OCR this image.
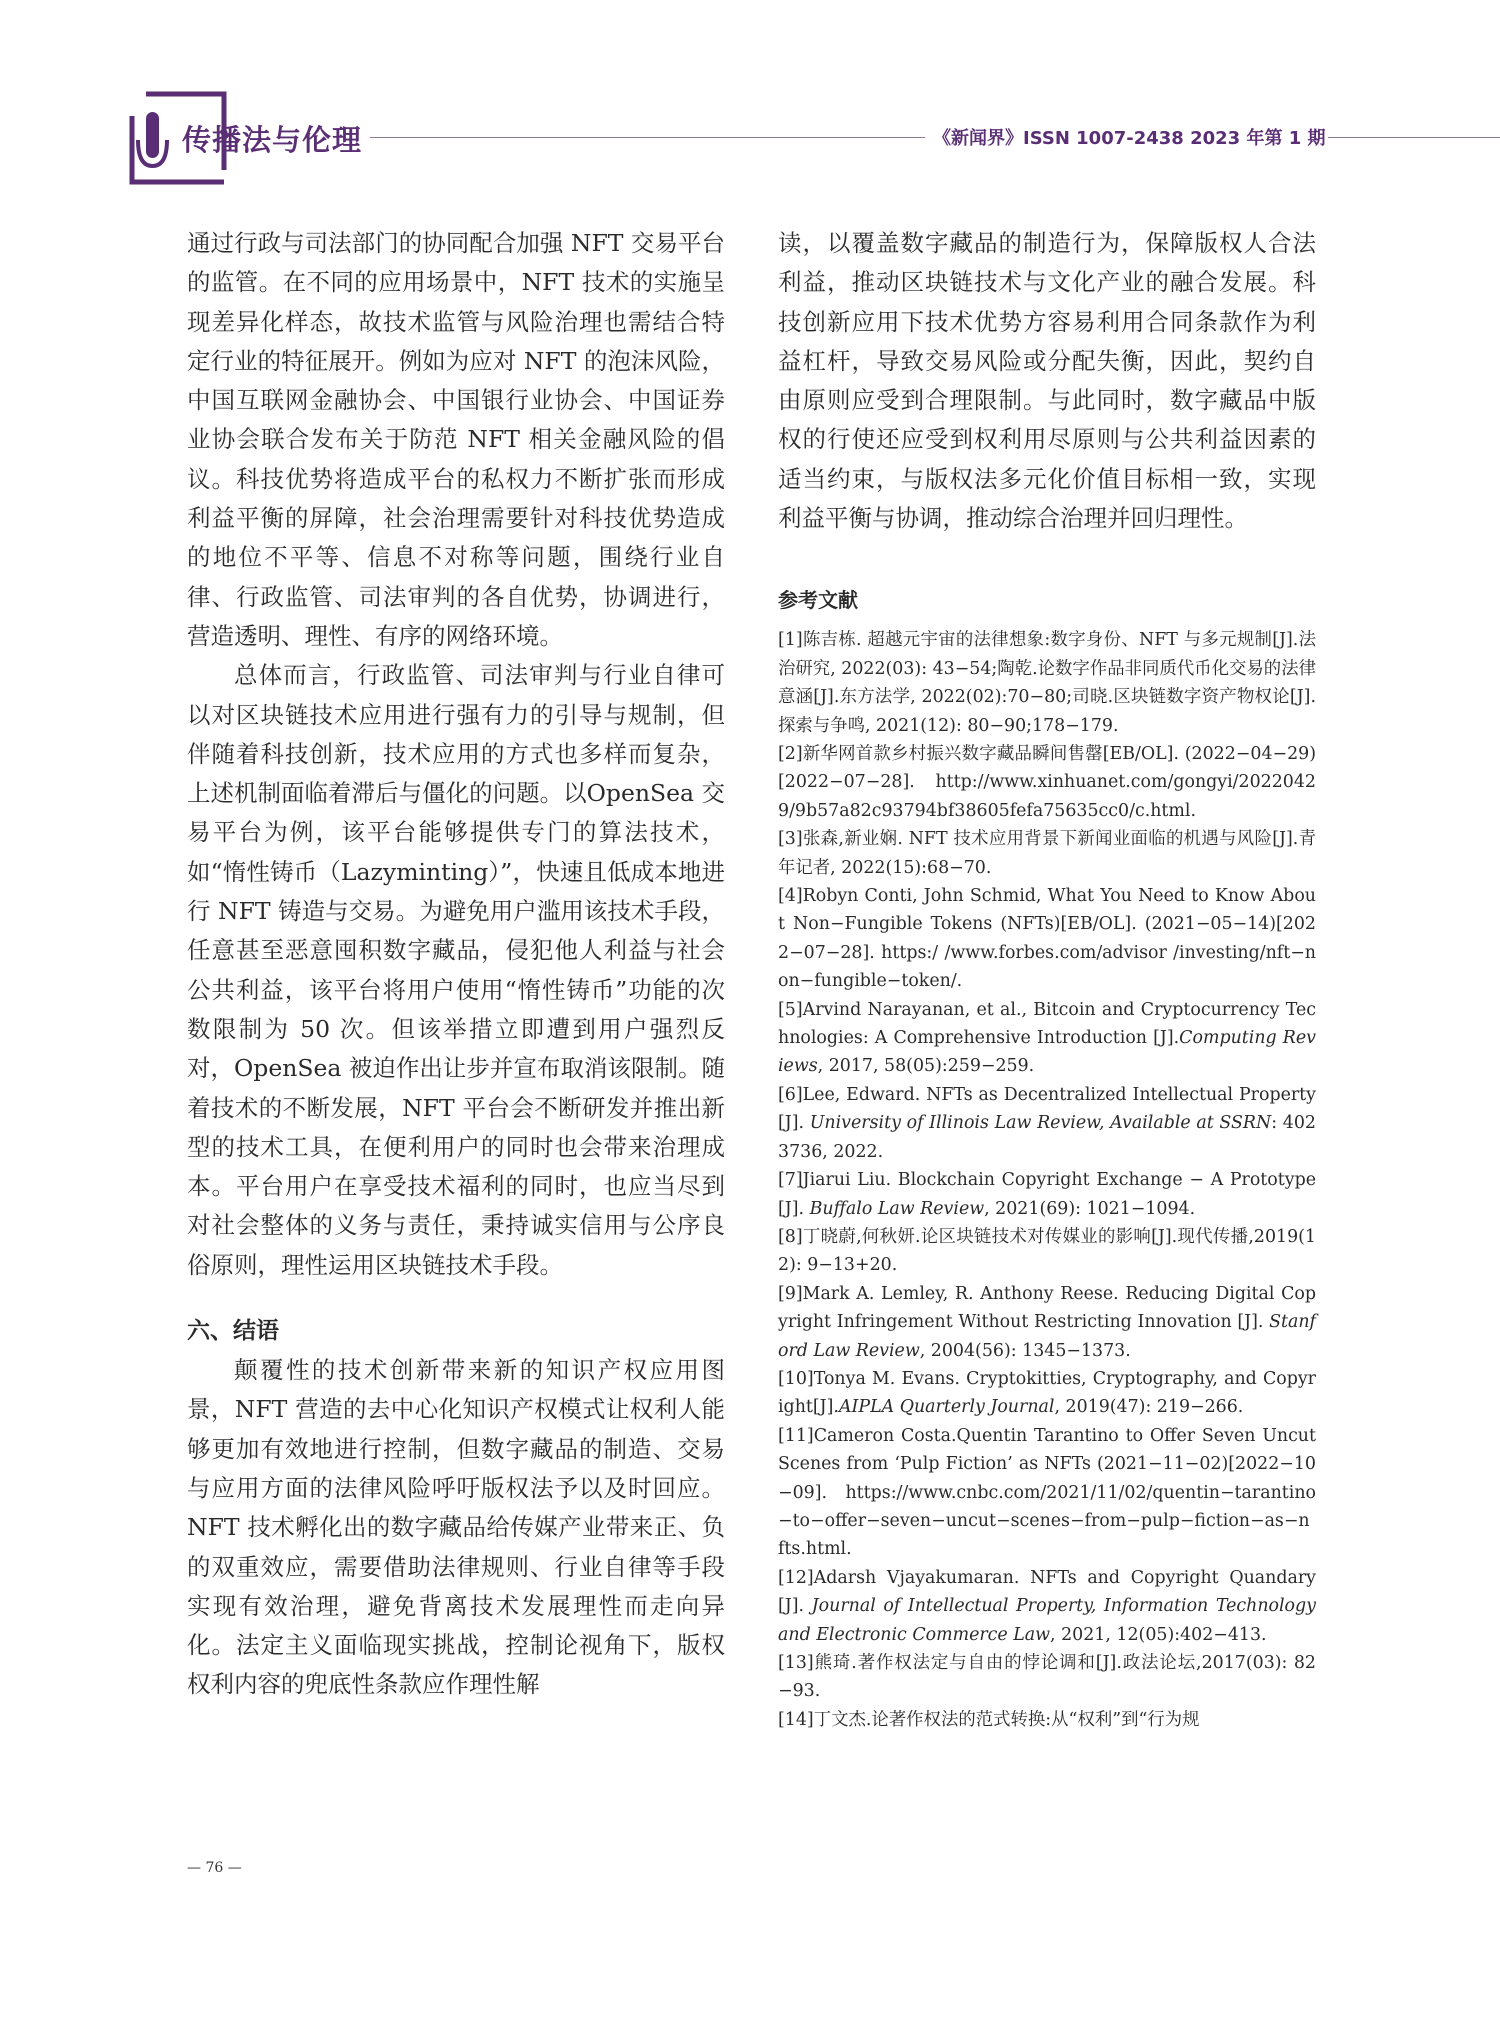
传播法与伦理	《新闻界》ISSN 1007-2438 2023 年第 1 期

通过行政与司法部门的协同配合加强 NFT 交易平台的监管。在不同的应用场景中，NFT 技术的实施呈现差异化样态，故技术监管与风险治理也需结合特定行业的特征展开。例如为应对 NFT 的泡沫风险，中国互联网金融协会、中国银行业协会、中国证券业协会联合发布关于防范 NFT 相关金融风险的倡议。科技优势将造成平台的私权力不断扩张而形成利益平衡的屏障，社会治理需要针对科技优势造成的地位不平等、信息不对称等问题，围绕行业自律、行政监管、司法审判的各自优势，协调进行，营造透明、理性、有序的网络环境。

总体而言，行政监管、司法审判与行业自律可以对区块链技术应用进行强有力的引导与规制，但伴随着科技创新，技术应用的方式也多样而复杂，上述机制面临着滞后与僵化的问题。以OpenSea 交易平台为例，该平台能够提供专门的算法技术，如“惰性铸币（Lazyminting）”，快速且低成本地进行 NFT 铸造与交易。为避免用户滥用该技术手段，任意甚至恶意囤积数字藏品，侵犯他人利益与社会公共利益，该平台将用户使用“惰性铸币”功能的次数限制为 50 次。但该举措立即遭到用户强烈反对，OpenSea 被迫作出让步并宣布取消该限制。随着技术的不断发展，NFT 平台会不断研发并推出新型的技术工具，在便利用户的同时也会带来治理成本。平台用户在享受技术福利的同时，也应当尽到对社会整体的义务与责任，秉持诚实信用与公序良俗原则，理性运用区块链技术手段。

六、结语

颠覆性的技术创新带来新的知识产权应用图景，NFT 营造的去中心化知识产权模式让权利人能够更加有效地进行控制，但数字藏品的制造、交易与应用方面的法律风险呼吁版权法予以及时回应。NFT 技术孵化出的数字藏品给传媒产业带来正、负的双重效应，需要借助法律规则、行业自律等手段实现有效治理，避免背离技术发展理性而走向异化。法定主义面临现实挑战，控制论视角下，版权权利内容的兜底性条款应作理性解

读，以覆盖数字藏品的制造行为，保障版权人合法利益，推动区块链技术与文化产业的融合发展。科技创新应用下技术优势方容易利用合同条款作为利益杠杆，导致交易风险或分配失衡，因此，契约自由原则应受到合理限制。与此同时，数字藏品中版权的行使还应受到权利用尽原则与公共利益因素的适当约束，与版权法多元化价值目标相一致，实现利益平衡与协调，推动综合治理并回归理性。

参考文献

[1]陈吉栋. 超越元宇宙的法律想象:数字身份、NFT 与多元规制[J].法治研究, 2022(03): 43−54;陶乾.论数字作品非同质代币化交易的法律意涵[J].东方法学, 2022(02):70−80;司晓.区块链数字资产物权论[J].探索与争鸣, 2021(12): 80−90;178−179.

[2]新华网首款乡村振兴数字藏品瞬间售罄[EB/OL]. (2022−04−29) [2022−07−28]. http://www.xinhuanet.com/gongyi/20220429/9b57a82c93794bf38605fefa75635cc0/c.html.

[3]张森,新业娴. NFT 技术应用背景下新闻业面临的机遇与风险[J].青年记者, 2022(15):68−70.

[4]Robyn Conti, John Schmid, What You Need to Know About Non−Fungible Tokens (NFTs)[EB/OL]. (2021−05−14)[2022−07−28]. https:/ /www.forbes.com/advisor /investing/nft−non−fungible−token/.

[5]Arvind Narayanan, et al., Bitcoin and Cryptocurrency Technologies: A Comprehensive Introduction [J].Computing Reviews, 2017, 58(05):259−259.

[6]Lee, Edward. NFTs as Decentralized Intellectual Property [J]. University of Illinois Law Review, Available at SSRN: 4023736, 2022.

[7]Jiarui Liu. Blockchain Copyright Exchange − A Prototype [J]. Buffalo Law Review, 2021(69): 1021−1094.

[8]丁晓蔚,何秋妍.论区块链技术对传媒业的影响[J].现代传播,2019(12): 9−13+20.

[9]Mark A. Lemley, R. Anthony Reese. Reducing Digital Copyright Infringement Without Restricting Innovation [J]. Stanford Law Review, 2004(56): 1345−1373.

[10]Tonya M. Evans. Cryptokitties, Cryptography, and Copyright[J].AIPLA Quarterly Journal, 2019(47): 219−266.

[11]Cameron Costa.Quentin Tarantino to Offer Seven Uncut Scenes from ‘Pulp Fiction’ as NFTs (2021−11−02)[2022−10−09]. https://www.cnbc.com/2021/11/02/quentin−tarantino−to−offer−seven−uncut−scenes−from−pulp−fiction−as−nfts.html.

[12]Adarsh Vjayakumaran. NFTs and Copyright Quandary[J]. Journal of Intellectual Property, Information Technology and Electronic Commerce Law, 2021, 12(05):402−413.

[13]熊琦.著作权法定与自由的悖论调和[J].政法论坛,2017(03): 82−93.

[14]丁文杰.论著作权法的范式转换:从“权利”到“行为规

— 76 —
